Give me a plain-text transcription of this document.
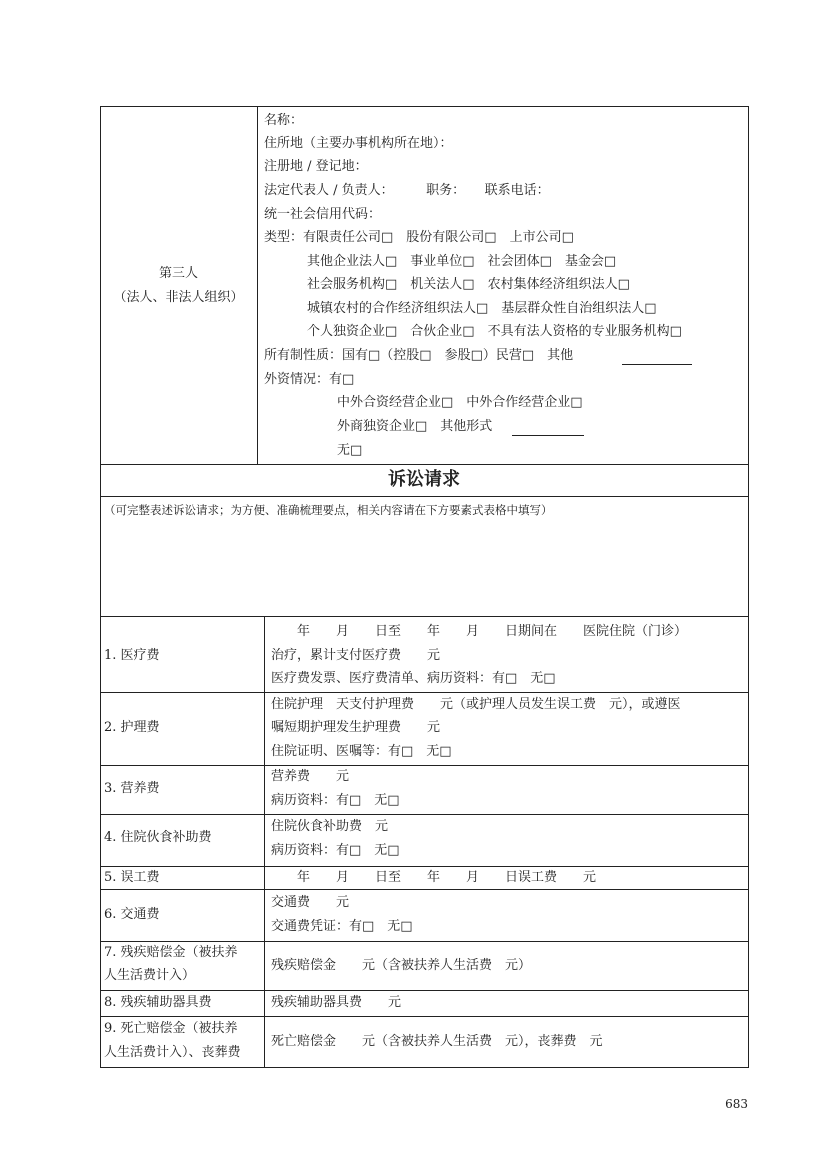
第三人
（法人、非法人组织）
名称：
住所地（主要办事机构所在地）：
注册地 / 登记地：
法定代表人 / 负责人：　　　职务：　　联系电话：
统一社会信用代码：
类型：有限责任公司□　股份有限公司□　上市公司□
其他企业法人□　事业单位□　社会团体□　基金会□
社会服务机构□　机关法人□　农村集体经济组织法人□
城镇农村的合作经济组织法人□　基层群众性自治组织法人□
个人独资企业□　合伙企业□　不具有法人资格的专业服务机构□
所有制性质：国有□（控股□　参股□）民营□　其他
外资情况：有□
中外合资经营企业□　中外合作经营企业□
外商独资企业□　其他形式
无□
诉讼请求
（可完整表述诉讼请求；为方便、准确梳理要点，相关内容请在下方要素式表格中填写）
1. 医疗费
　　年　　月　　日至　　年　　月　　日期间在　　医院住院（门诊）
治疗，累计支付医疗费　　元
医疗费发票、医疗费清单、病历资料：有□　无□
2. 护理费
住院护理　天支付护理费　　元（或护理人员发生误工费　元），或遵医
嘱短期护理发生护理费　　元
住院证明、医嘱等：有□　无□
3. 营养费
营养费　　元
病历资料：有□　无□
4. 住院伙食补助费
住院伙食补助费　元
病历资料：有□　无□
5. 误工费	　　年　　月　　日至　　年　　月　　日误工费　　元
6. 交通费
交通费　　元
交通费凭证：有□　无□
7. 残疾赔偿金（被扶养
人生活费计入）
残疾赔偿金　　元（含被扶养人生活费　元）
8. 残疾辅助器具费	残疾辅助器具费　　元
9. 死亡赔偿金（被扶养
人生活费计入）、丧葬费
死亡赔偿金　　元（含被扶养人生活费　元），丧葬费　元
683
